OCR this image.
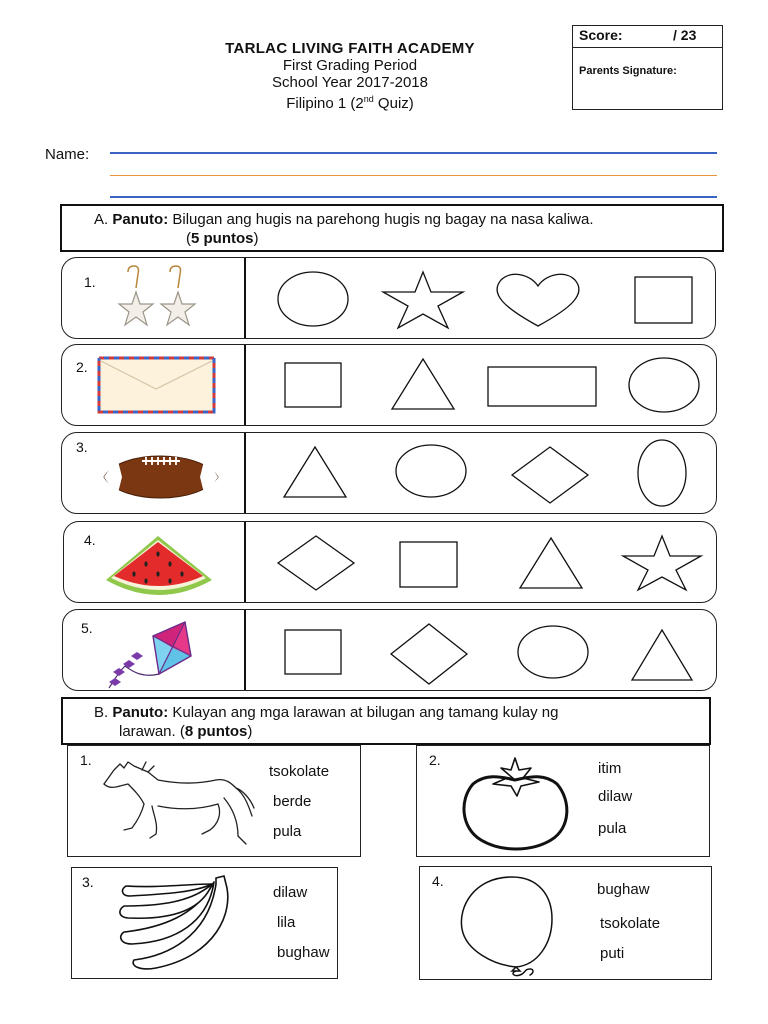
TARLAC LIVING FAITH ACADEMY
First Grading Period
School Year 2017-2018
Filipino 1 (2nd Quiz)
Score:	/ 23
Parents Signature:
Name:
A. Panuto: Bilugan ang hugis na parehong hugis ng bagay na nasa kaliwa.
(5 puntos)
1.
2.
3.
4.
5.
B. Panuto: Kulayan ang mga larawan at bilugan ang tamang kulay ng
larawan. (8 puntos)
1.
tsokolate
berde
pula
2.	itim
dilaw
pula
3.
dilaw
lila
bughaw
4.	bughaw
tsokolate
puti
